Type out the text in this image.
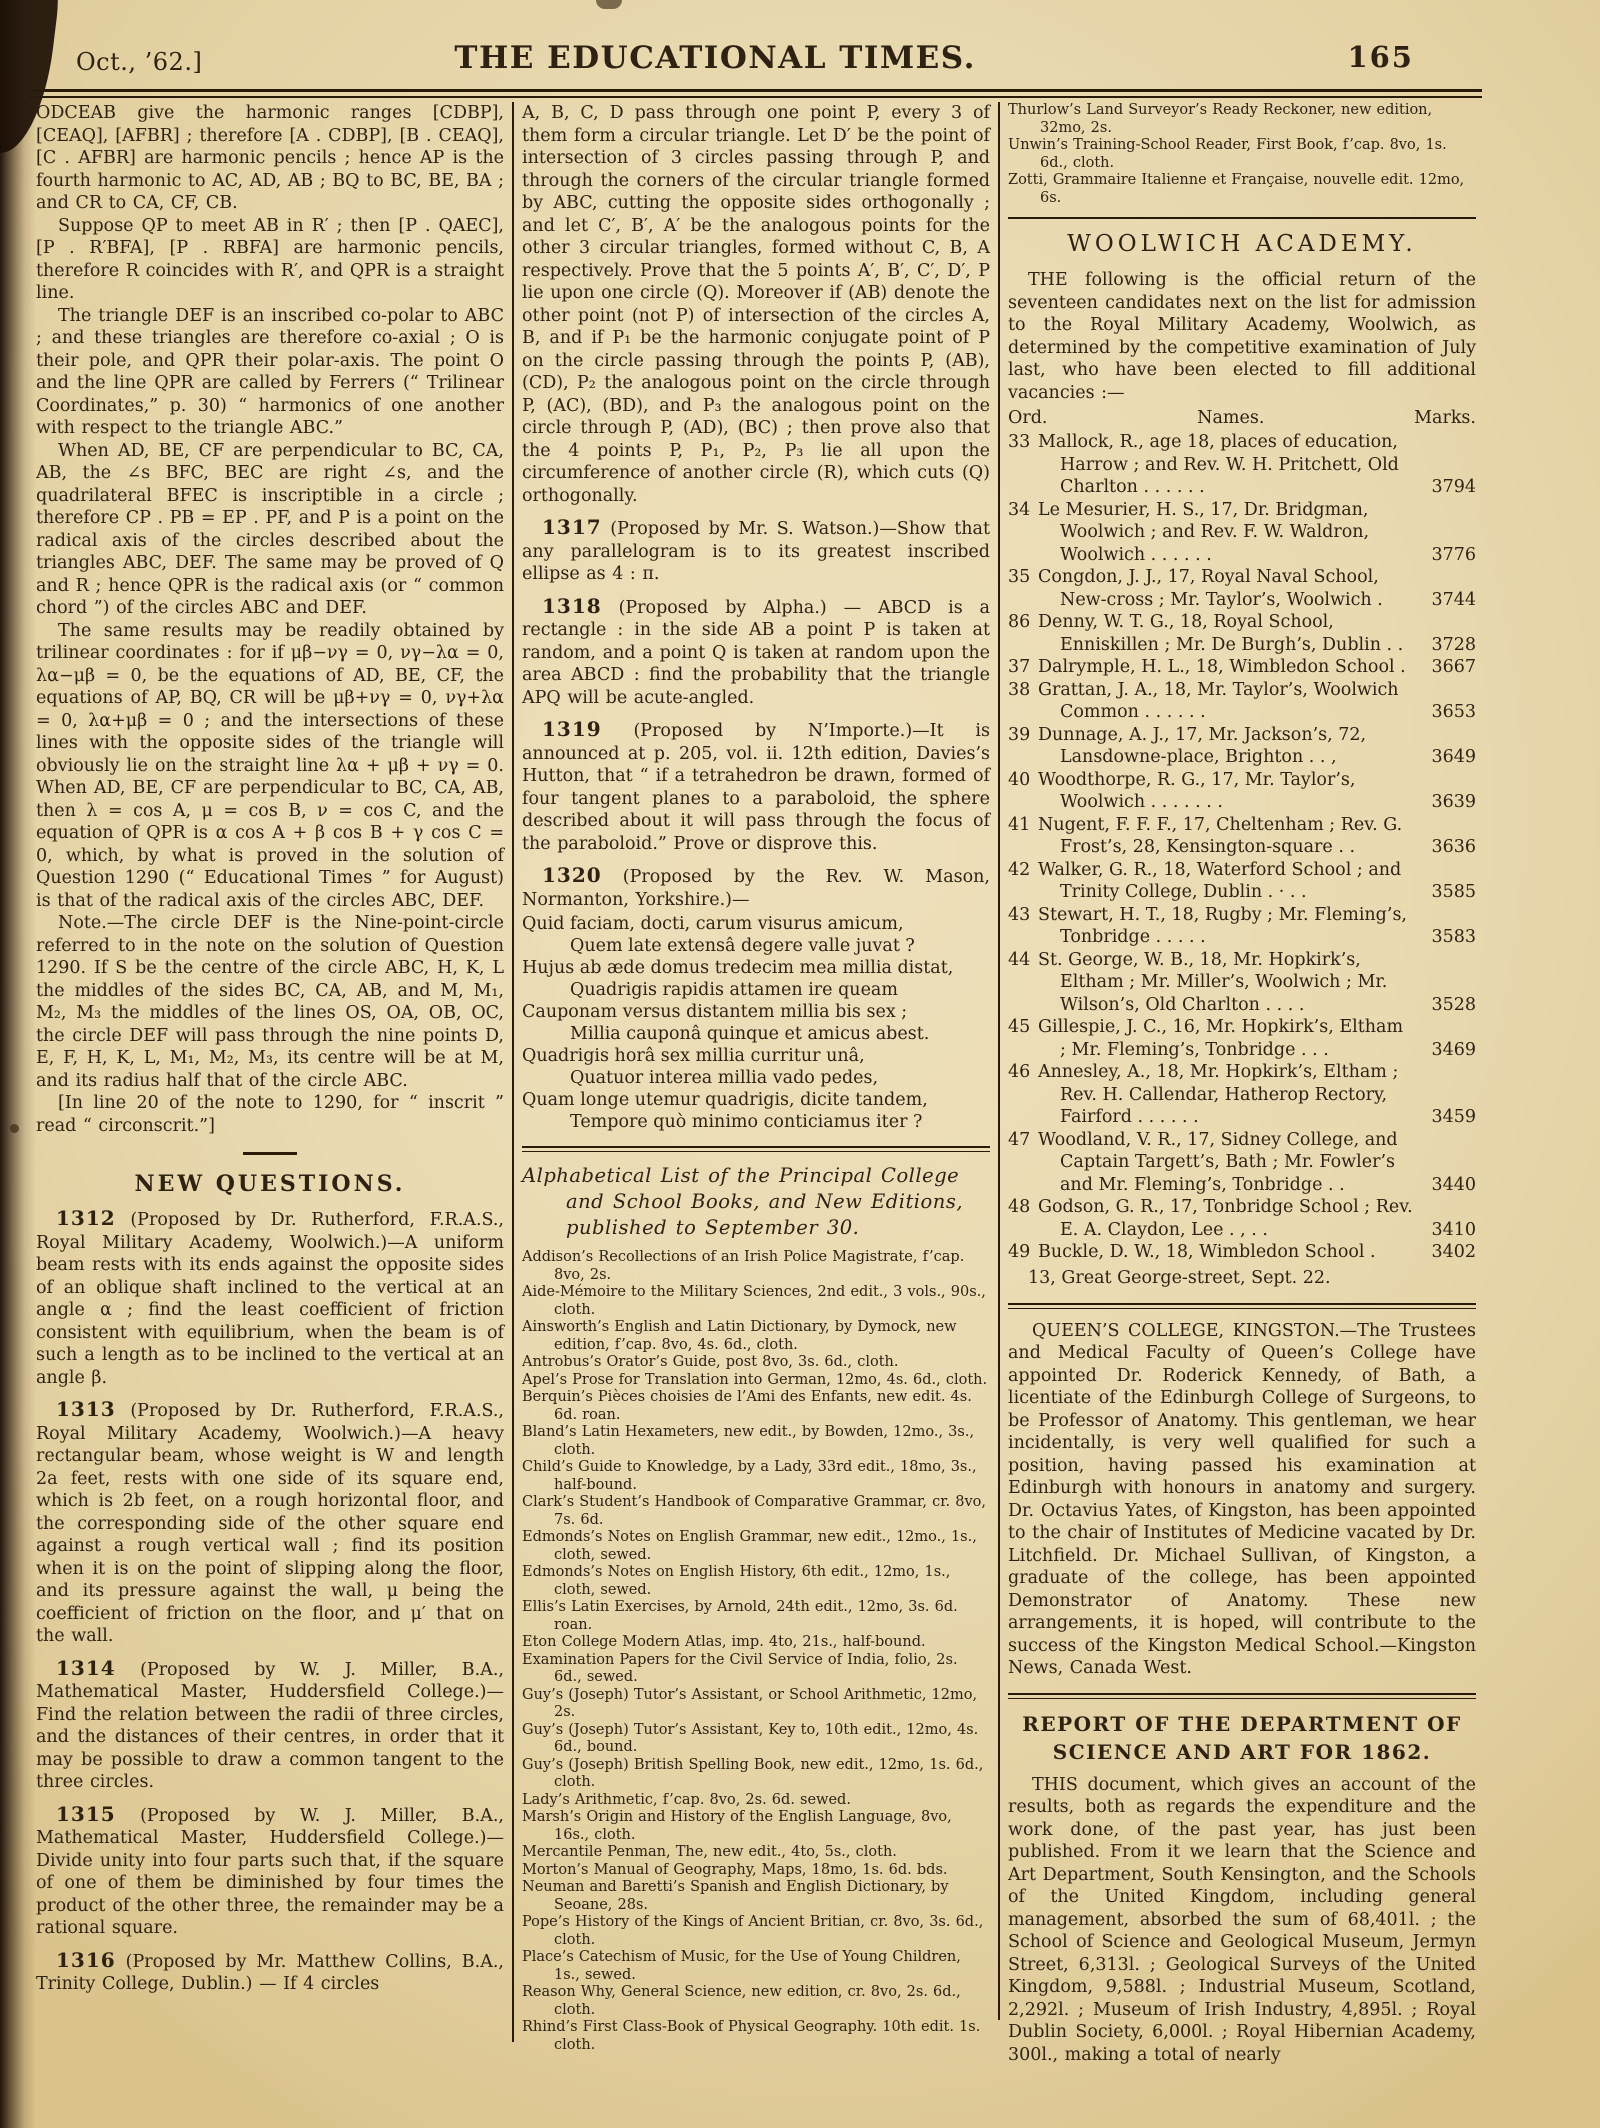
Oct., ’62.]	THE EDUCATIONAL TIMES.	165

ODCEAB give the harmonic ranges [CDBP], [CEAQ], [AFBR] ; therefore [A . CDBP], [B . CEAQ], [C . AFBR] are harmonic pencils ; hence AP is the fourth harmonic to AC, AD, AB ; BQ to BC, BE, BA ; and CR to CA, CF, CB.

Suppose QP to meet AB in R′ ; then [P . QAEC], [P . R′BFA], [P . RBFA] are harmonic pencils, therefore R coincides with R′, and QPR is a straight line.

The triangle DEF is an inscribed co-polar to ABC ; and these triangles are therefore co-axial ; O is their pole, and QPR their polar-axis. The point O and the line QPR are called by Ferrers (“ Trilinear Coordinates,” p. 30) “ harmonics of one another with respect to the triangle ABC.”

When AD, BE, CF are perpendicular to BC, CA, AB, the ∠s BFC, BEC are right ∠s, and the quadrilateral BFEC is inscriptible in a circle ; therefore CP . PB = EP . PF, and P is a point on the radical axis of the circles described about the triangles ABC, DEF. The same may be proved of Q and R ; hence QPR is the radical axis (or “ common chord ”) of the circles ABC and DEF.

The same results may be readily obtained by trilinear coordinates : for if μβ−νγ = 0, νγ−λα = 0, λα−μβ = 0, be the equations of AD, BE, CF, the equations of AP, BQ, CR will be μβ+νγ = 0, νγ+λα = 0, λα+μβ = 0 ; and the intersections of these lines with the opposite sides of the triangle will obviously lie on the straight line λα + μβ + νγ = 0. When AD, BE, CF are perpendicular to BC, CA, AB, then λ = cos A, μ = cos B, ν = cos C, and the equation of QPR is α cos A + β cos B + γ cos C = 0, which, by what is proved in the solution of Question 1290 (“ Educational Times ” for August) is that of the radical axis of the circles ABC, DEF.

Note.—The circle DEF is the Nine-point-circle referred to in the note on the solution of Question 1290. If S be the centre of the circle ABC, H, K, L the middles of the sides BC, CA, AB, and M, M₁, M₂, M₃ the middles of the lines OS, OA, OB, OC, the circle DEF will pass through the nine points D, E, F, H, K, L, M₁, M₂, M₃, its centre will be at M, and its radius half that of the circle ABC.

[In line 20 of the note to 1290, for “ inscrit ” read “ circonscrit.”]

NEW QUESTIONS.

1312 (Proposed by Dr. Rutherford, F.R.A.S., Royal Military Academy, Woolwich.)—A uniform beam rests with its ends against the opposite sides of an oblique shaft inclined to the vertical at an angle α ; find the least coefficient of friction consistent with equilibrium, when the beam is of such a length as to be inclined to the vertical at an angle β.

1313 (Proposed by Dr. Rutherford, F.R.A.S., Royal Military Academy, Woolwich.)—A heavy rectangular beam, whose weight is W and length 2a feet, rests with one side of its square end, which is 2b feet, on a rough horizontal floor, and the corresponding side of the other square end against a rough vertical wall ; find its position when it is on the point of slipping along the floor, and its pressure against the wall, μ being the coefficient of friction on the floor, and μ′ that on the wall.

1314 (Proposed by W. J. Miller, B.A., Mathematical Master, Huddersfield College.)— Find the relation between the radii of three circles, and the distances of their centres, in order that it may be possible to draw a common tangent to the three circles.

1315 (Proposed by W. J. Miller, B.A., Mathematical Master, Huddersfield College.)— Divide unity into four parts such that, if the square of one of them be diminished by four times the product of the other three, the remainder may be a rational square.

1316 (Proposed by Mr. Matthew Collins, B.A., Trinity College, Dublin.) — If 4 circles

A, B, C, D pass through one point P, every 3 of them form a circular triangle. Let D′ be the point of intersection of 3 circles passing through P, and through the corners of the circular triangle formed by ABC, cutting the opposite sides orthogonally ; and let C′, B′, A′ be the analogous points for the other 3 circular triangles, formed without C, B, A respectively. Prove that the 5 points A′, B′, C′, D′, P lie upon one circle (Q). Moreover if (AB) denote the other point (not P) of intersection of the circles A, B, and if P₁ be the harmonic conjugate point of P on the circle passing through the points P, (AB), (CD), P₂ the analogous point on the circle through P, (AC), (BD), and P₃ the analogous point on the circle through P, (AD), (BC) ; then prove also that the 4 points P, P₁, P₂, P₃ lie all upon the circumference of another circle (R), which cuts (Q) orthogonally.

1317 (Proposed by Mr. S. Watson.)—Show that any parallelogram is to its greatest inscribed ellipse as 4 : π.

1318 (Proposed by Alpha.) — ABCD is a rectangle : in the side AB a point P is taken at random, and a point Q is taken at random upon the area ABCD : find the probability that the triangle APQ will be acute-angled.

1319 (Proposed by N’Importe.)—It is announced at p. 205, vol. ii. 12th edition, Davies’s Hutton, that “ if a tetrahedron be drawn, formed of four tangent planes to a paraboloid, the sphere described about it will pass through the focus of the paraboloid.” Prove or disprove this.

1320 (Proposed by the Rev. W. Mason, Normanton, Yorkshire.)—

Quid faciam, docti, carum visurus amicum,
Quem late extensâ degere valle juvat ?
Hujus ab æde domus tredecim mea millia distat,
Quadrigis rapidis attamen ire queam
Cauponam versus distantem millia bis sex ;
Millia cauponâ quinque et amicus abest.
Quadrigis horâ sex millia curritur unâ,
Quatuor interea millia vado pedes,
Quam longe utemur quadrigis, dicite tandem,
Tempore quò minimo conticiamus iter ?
Alphabetical List of the Principal College and School Books, and New Editions, published to September 30.
Addison’s Recollections of an Irish Police Magistrate, f’cap. 8vo, 2s.
Aide-Mémoire to the Military Sciences, 2nd edit., 3 vols., 90s., cloth.
Ainsworth’s English and Latin Dictionary, by Dymock, new edition, f’cap. 8vo, 4s. 6d., cloth.
Antrobus’s Orator’s Guide, post 8vo, 3s. 6d., cloth.
Apel’s Prose for Translation into German, 12mo, 4s. 6d., cloth.
Berquin’s Pièces choisies de l’Ami des Enfants, new edit. 4s. 6d. roan.
Bland’s Latin Hexameters, new edit., by Bowden, 12mo., 3s., cloth.
Child’s Guide to Knowledge, by a Lady, 33rd edit., 18mo, 3s., half-bound.
Clark’s Student’s Handbook of Comparative Grammar, cr. 8vo, 7s. 6d.
Edmonds’s Notes on English Grammar, new edit., 12mo., 1s., cloth, sewed.
Edmonds’s Notes on English History, 6th edit., 12mo, 1s., cloth, sewed.
Ellis’s Latin Exercises, by Arnold, 24th edit., 12mo, 3s. 6d. roan.
Eton College Modern Atlas, imp. 4to, 21s., half-bound.
Examination Papers for the Civil Service of India, folio, 2s. 6d., sewed.
Guy’s (Joseph) Tutor’s Assistant, or School Arithmetic, 12mo, 2s.
Guy’s (Joseph) Tutor’s Assistant, Key to, 10th edit., 12mo, 4s. 6d., bound.
Guy’s (Joseph) British Spelling Book, new edit., 12mo, 1s. 6d., cloth.
Lady’s Arithmetic, f’cap. 8vo, 2s. 6d. sewed.
Marsh’s Origin and History of the English Language, 8vo, 16s., cloth.
Mercantile Penman, The, new edit., 4to, 5s., cloth.
Morton’s Manual of Geography, Maps, 18mo, 1s. 6d. bds.
Neuman and Baretti’s Spanish and English Dictionary, by Seoane, 28s.
Pope’s History of the Kings of Ancient Britian, cr. 8vo, 3s. 6d., cloth.
Place’s Catechism of Music, for the Use of Young Children, 1s., sewed.
Reason Why, General Science, new edition, cr. 8vo, 2s. 6d., cloth.
Rhind’s First Class-Book of Physical Geography. 10th edit. 1s. cloth.
Thurlow’s Land Surveyor’s Ready Reckoner, new edition, 32mo, 2s.
Unwin’s Training-School Reader, First Book, f’cap. 8vo, 1s. 6d., cloth.
Zotti, Grammaire Italienne et Française, nouvelle edit. 12mo, 6s.
WOOLWICH ACADEMY.

THE following is the official return of the seventeen candidates next on the list for admission to the Royal Military Academy, Woolwich, as determined by the competitive examination of July last, who have been elected to fill additional vacancies :—

Ord.	Names.	Marks.
33 Mallock, R., age 18, places of education, Harrow ; and Rev. W. H. Pritchett, Old Charlton . . . . . .	3794
34 Le Mesurier, H. S., 17, Dr. Bridgman, Woolwich ; and Rev. F. W. Waldron, Woolwich . . . . . .	3776
35 Congdon, J. J., 17, Royal Naval School, New-cross ; Mr. Taylor’s, Woolwich .	3744
86 Denny, W. T. G., 18, Royal School, Enniskillen ; Mr. De Burgh’s, Dublin . . 3728
37 Dalrymple, H. L., 18, Wimbledon School . 3667
38 Grattan, J. A., 18, Mr. Taylor’s, Woolwich Common . . . . . .	3653
39 Dunnage, A. J., 17, Mr. Jackson’s, 72, Lansdowne-place, Brighton . . ,	3649
40 Woodthorpe, R. G., 17, Mr. Taylor’s, Woolwich . . . . . . .	3639
41 Nugent, F. F. F., 17, Cheltenham ; Rev. G. Frost’s, 28, Kensington-square . .	3636
42 Walker, G. R., 18, Waterford School ; and Trinity College, Dublin . · . .	3585
43 Stewart, H. T., 18, Rugby ; Mr. Fleming’s, Tonbridge . . . . .	3583
44 St. George, W. B., 18, Mr. Hopkirk’s, Eltham ; Mr. Miller’s, Woolwich ; Mr. Wilson’s, Old Charlton . . . .	3528
45 Gillespie, J. C., 16, Mr. Hopkirk’s, Eltham ; Mr. Fleming’s, Tonbridge . . .	3469
46 Annesley, A., 18, Mr. Hopkirk’s, Eltham ; Rev. H. Callendar, Hatherop Rectory, Fairford . . . . . .	3459
47 Woodland, V. R., 17, Sidney College, and Captain Targett’s, Bath ; Mr. Fowler’s and Mr. Fleming’s, Tonbridge . .	3440
48 Godson, G. R., 17, Tonbridge School ; Rev. E. A. Claydon, Lee . , . .	3410
49 Buckle, D. W., 18, Wimbledon School .	3402
13, Great George-street, Sept. 22.

QUEEN’S COLLEGE, KINGSTON.—The Trustees and Medical Faculty of Queen’s College have appointed Dr. Roderick Kennedy, of Bath, a licentiate of the Edinburgh College of Surgeons, to be Professor of Anatomy. This gentleman, we hear incidentally, is very well qualified for such a position, having passed his examination at Edinburgh with honours in anatomy and surgery. Dr. Octavius Yates, of Kingston, has been appointed to the chair of Institutes of Medicine vacated by Dr. Litchfield. Dr. Michael Sullivan, of Kingston, a graduate of the college, has been appointed Demonstrator of Anatomy. These new arrangements, it is hoped, will contribute to the success of the Kingston Medical School.—Kingston News, Canada West.

REPORT OF THE DEPARTMENT OF
SCIENCE AND ART FOR 1862.

THIS document, which gives an account of the results, both as regards the expenditure and the work done, of the past year, has just been published. From it we learn that the Science and Art Department, South Kensington, and the Schools of the United Kingdom, including general management, absorbed the sum of 68,401l. ; the School of Science and Geological Museum, Jermyn Street, 6,313l. ; Geological Surveys of the United Kingdom, 9,588l. ; Industrial Museum, Scotland, 2,292l. ; Museum of Irish Industry, 4,895l. ; Royal Dublin Society, 6,000l. ; Royal Hibernian Academy, 300l., making a total of nearly
